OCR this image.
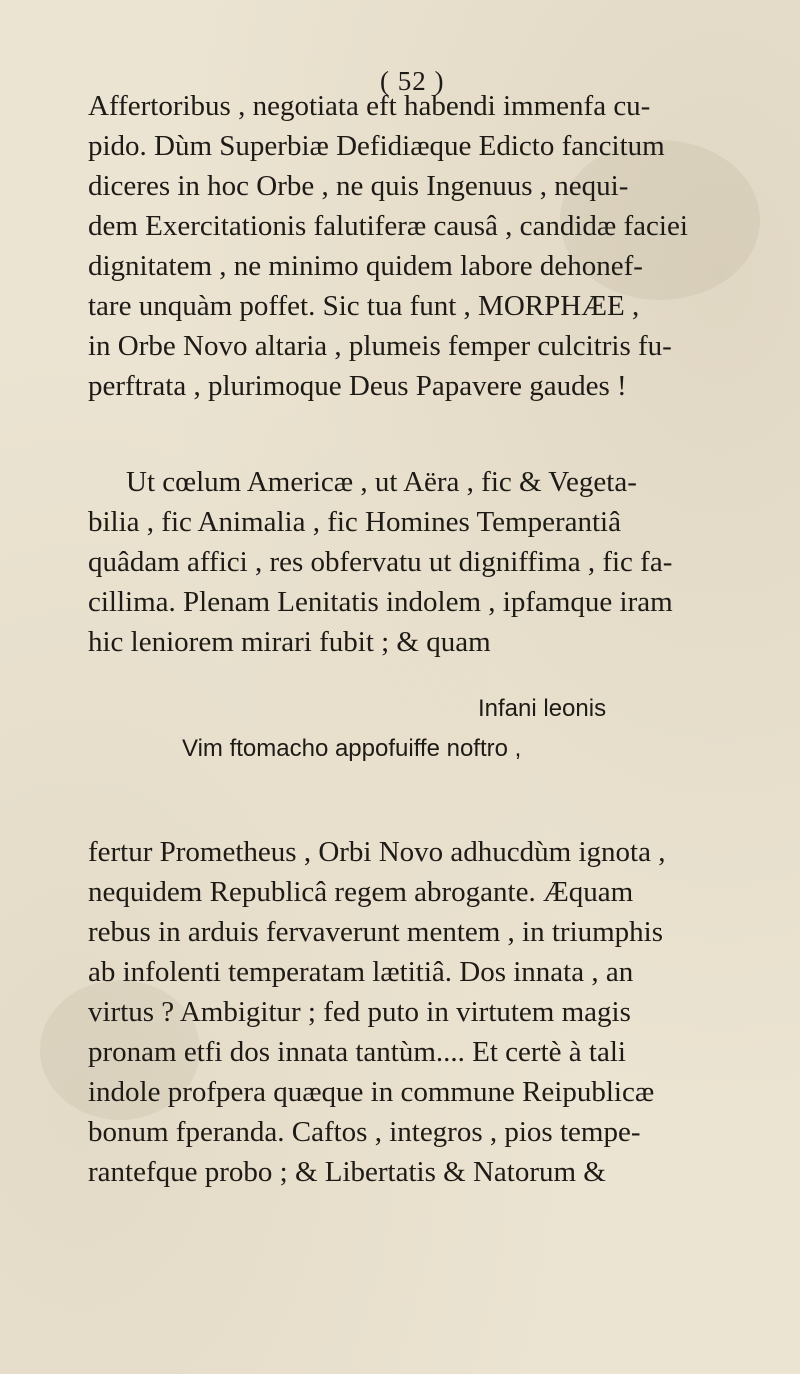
( 52 )
Affertoribus , negotiata eft habendi immenfa cu-
pido. Dùm Superbiæ Defidiæque Edicto fancitum
diceres in hoc Orbe , ne quis Ingenuus , nequi-
dem Exercitationis falutiferæ causâ , candidæ faciei
dignitatem , ne minimo quidem labore dehonef-
tare unquàm poffet. Sic tua funt , MORPHÆE ,
in Orbe Novo altaria , plumeis femper culcitris fu-
perftrata , plurimoque Deus Papavere gaudes !
Ut cœlum Americæ , ut Aëra , fic & Vegeta-
bilia , fic Animalia , fic Homines Temperantiâ
quâdam affici , res obfervatu ut digniffima , fic fa-
cillima. Plenam Lenitatis indolem , ipfamque iram
hic leniorem mirari fubit ; & quam
Infani leonis
Vim ftomacho appofuiffe noftro ,
fertur Prometheus , Orbi Novo adhucdùm ignota ,
nequidem Republicâ regem abrogante. Æquam
rebus in arduis fervaverunt mentem , in triumphis
ab infolenti temperatam lætitiâ. Dos innata , an
virtus ? Ambigitur ; fed puto in virtutem magis
pronam etfi dos innata tantùm.... Et certè à tali
indole profpera quæque in commune Reipublicæ
bonum fperanda. Caftos , integros , pios tempe-
rantefque probo ; & Libertatis & Natorum &
